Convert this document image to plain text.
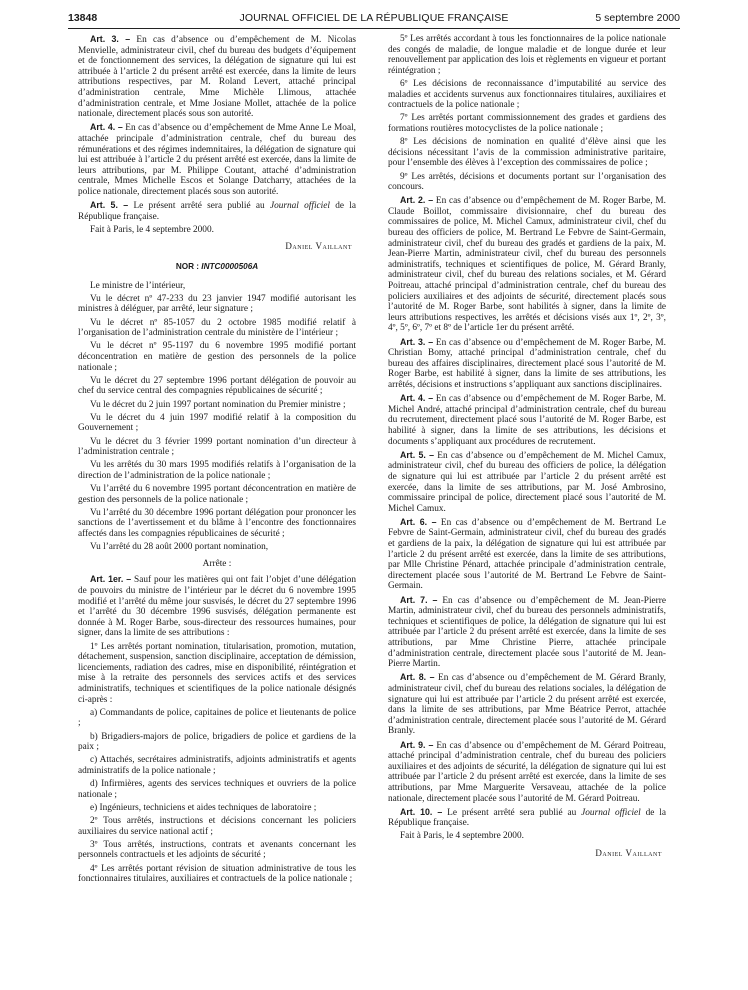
13848	JOURNAL OFFICIEL DE LA RÉPUBLIQUE FRANÇAISE	5 septembre 2000

Art. 3. – En cas d’absence ou d’empêchement de M. Nicolas Menvielle, administrateur civil, chef du bureau des budgets d’équipement et de fonctionnement des services, la délégation de signature qui lui est attribuée à l’article 2 du présent arrêté est exercée, dans la limite de leurs attributions respectives, par M. Roland Levert, attaché principal d’administration centrale, Mme Michèle Llimous, attachée d’administration centrale, et Mme Josiane Mollet, attachée de la police nationale, directement placés sous son autorité.

Art. 4. – En cas d’absence ou d’empêchement de Mme Anne Le Moal, attachée principale d’administration centrale, chef du bureau des rémunérations et des régimes indemnitaires, la délégation de signature qui lui est attribuée à l’article 2 du présent arrêté est exercée, dans la limite de leurs attributions, par M. Philippe Coutant, attaché d’administration centrale, Mmes Michelle Escos et Solange Datcharry, attachées de la police nationale, directement placés sous son autorité.

Art. 5. – Le présent arrêté sera publié au Journal officiel de la République française.

Fait à Paris, le 4 septembre 2000.

Daniel Vaillant
NOR : INTC0000506A

Le ministre de l’intérieur,

Vu le décret nº 47-233 du 23 janvier 1947 modifié autorisant les ministres à déléguer, par arrêté, leur signature ;

Vu le décret nº 85-1057 du 2 octobre 1985 modifié relatif à l’organisation de l’administration centrale du ministère de l’intérieur ;

Vu le décret nº 95-1197 du 6 novembre 1995 modifié portant déconcentration en matière de gestion des personnels de la police nationale ;

Vu le décret du 27 septembre 1996 portant délégation de pouvoir au chef du service central des compagnies républicaines de sécurité ;

Vu le décret du 2 juin 1997 portant nomination du Premier ministre ;

Vu le décret du 4 juin 1997 modifié relatif à la composition du Gouvernement ;

Vu le décret du 3 février 1999 portant nomination d’un directeur à l’administration centrale ;

Vu les arrêtés du 30 mars 1995 modifiés relatifs à l’organisation de la direction de l’administration de la police nationale ;

Vu l’arrêté du 6 novembre 1995 portant déconcentration en matière de gestion des personnels de la police nationale ;

Vu l’arrêté du 30 décembre 1996 portant délégation pour prononcer les sanctions de l’avertissement et du blâme à l’encontre des fonctionnaires affectés dans les compagnies républicaines de sécurité ;

Vu l’arrêté du 28 août 2000 portant nomination,

Arrête :

Art. 1er. – Sauf pour les matières qui ont fait l’objet d’une délégation de pouvoirs du ministre de l’intérieur par le décret du 6 novembre 1995 modifié et l’arrêté du même jour susvisés, le décret du 27 septembre 1996 et l’arrêté du 30 décembre 1996 susvisés, délégation permanente est donnée à M. Roger Barbe, sous-directeur des ressources humaines, pour signer, dans la limite de ses attributions :

1º Les arrêtés portant nomination, titularisation, promotion, mutation, détachement, suspension, sanction disciplinaire, acceptation de démission, licenciements, radiation des cadres, mise en disponibilité, réintégration et mise à la retraite des personnels des services actifs et des services administratifs, techniques et scientifiques de la police nationale désignés ci-après :

a) Commandants de police, capitaines de police et lieutenants de police ;

b) Brigadiers-majors de police, brigadiers de police et gardiens de la paix ;

c) Attachés, secrétaires administratifs, adjoints administratifs et agents administratifs de la police nationale ;

d) Infirmières, agents des services techniques et ouvriers de la police nationale ;

e) Ingénieurs, techniciens et aides techniques de laboratoire ;

2º Tous arrêtés, instructions et décisions concernant les policiers auxiliaires du service national actif ;

3º Tous arrêtés, instructions, contrats et avenants concernant les personnels contractuels et les adjoints de sécurité ;

4º Les arrêtés portant révision de situation administrative de tous les fonctionnaires titulaires, auxiliaires et contractuels de la police nationale ;

5º Les arrêtés accordant à tous les fonctionnaires de la police nationale des congés de maladie, de longue maladie et de longue durée et leur renouvellement par application des lois et règlements en vigueur et portant réintégration ;

6º Les décisions de reconnaissance d’imputabilité au service des maladies et accidents survenus aux fonctionnaires titulaires, auxiliaires et contractuels de la police nationale ;

7º Les arrêtés portant commissionnement des grades et gardiens des formations routières motocyclistes de la police nationale ;

8º Les décisions de nomination en qualité d’élève ainsi que les décisions nécessitant l’avis de la commission administrative paritaire, pour l’ensemble des élèves à l’exception des commissaires de police ;

9º Les arrêtés, décisions et documents portant sur l’organisation des concours.

Art. 2. – En cas d’absence ou d’empêchement de M. Roger Barbe, M. Claude Boillot, commissaire divisionnaire, chef du bureau des commissaires de police, M. Michel Camux, administrateur civil, chef du bureau des officiers de police, M. Bertrand Le Febvre de Saint-Germain, administrateur civil, chef du bureau des gradés et gardiens de la paix, M. Jean-Pierre Martin, administrateur civil, chef du bureau des personnels administratifs, techniques et scientifiques de police, M. Gérard Branly, administrateur civil, chef du bureau des relations sociales, et M. Gérard Poitreau, attaché principal d’administration centrale, chef du bureau des policiers auxiliaires et des adjoints de sécurité, directement placés sous l’autorité de M. Roger Barbe, sont habilités à signer, dans la limite de leurs attributions respectives, les arrêtés et décisions visés aux 1º, 2º, 3º, 4º, 5º, 6º, 7º et 8º de l’article 1er du présent arrêté.

Art. 3. – En cas d’absence ou d’empêchement de M. Roger Barbe, M. Christian Bomy, attaché principal d’administration centrale, chef du bureau des affaires disciplinaires, directement placé sous l’autorité de M. Roger Barbe, est habilité à signer, dans la limite de ses attributions, les arrêtés, décisions et instructions s’appliquant aux sanctions disciplinaires.

Art. 4. – En cas d’absence ou d’empêchement de M. Roger Barbe, M. Michel André, attaché principal d’administration centrale, chef du bureau du recrutement, directement placé sous l’autorité de M. Roger Barbe, est habilité à signer, dans la limite de ses attributions, les décisions et documents s’appliquant aux procédures de recrutement.

Art. 5. – En cas d’absence ou d’empêchement de M. Michel Camux, administrateur civil, chef du bureau des officiers de police, la délégation de signature qui lui est attribuée par l’article 2 du présent arrêté est exercée, dans la limite de ses attributions, par M. José Ambrosino, commissaire principal de police, directement placé sous l’autorité de M. Michel Camux.

Art. 6. – En cas d’absence ou d’empêchement de M. Bertrand Le Febvre de Saint-Germain, administrateur civil, chef du bureau des gradés et gardiens de la paix, la délégation de signature qui lui est attribuée par l’article 2 du présent arrêté est exercée, dans la limite de ses attributions, par Mlle Christine Pénard, attachée principale d’administration centrale, directement placée sous l’autorité de M. Bertrand Le Febvre de Saint-Germain.

Art. 7. – En cas d’absence ou d’empêchement de M. Jean-Pierre Martin, administrateur civil, chef du bureau des personnels administratifs, techniques et scientifiques de police, la délégation de signature qui lui est attribuée par l’article 2 du présent arrêté est exercée, dans la limite de ses attributions, par Mme Christine Pierre, attachée principale d’administration centrale, directement placée sous l’autorité de M. Jean-Pierre Martin.

Art. 8. – En cas d’absence ou d’empêchement de M. Gérard Branly, administrateur civil, chef du bureau des relations sociales, la délégation de signature qui lui est attribuée par l’article 2 du présent arrêté est exercée, dans la limite de ses attributions, par Mme Béatrice Perrot, attachée d’administration centrale, directement placée sous l’autorité de M. Gérard Branly.

Art. 9. – En cas d’absence ou d’empêchement de M. Gérard Poitreau, attaché principal d’administration centrale, chef du bureau des policiers auxiliaires et des adjoints de sécurité, la délégation de signature qui lui est attribuée par l’article 2 du présent arrêté est exercée, dans la limite de ses attributions, par Mme Marguerite Versaveau, attachée de la police nationale, directement placée sous l’autorité de M. Gérard Poitreau.

Art. 10. – Le présent arrêté sera publié au Journal officiel de la République française.

Fait à Paris, le 4 septembre 2000.

Daniel Vaillant
